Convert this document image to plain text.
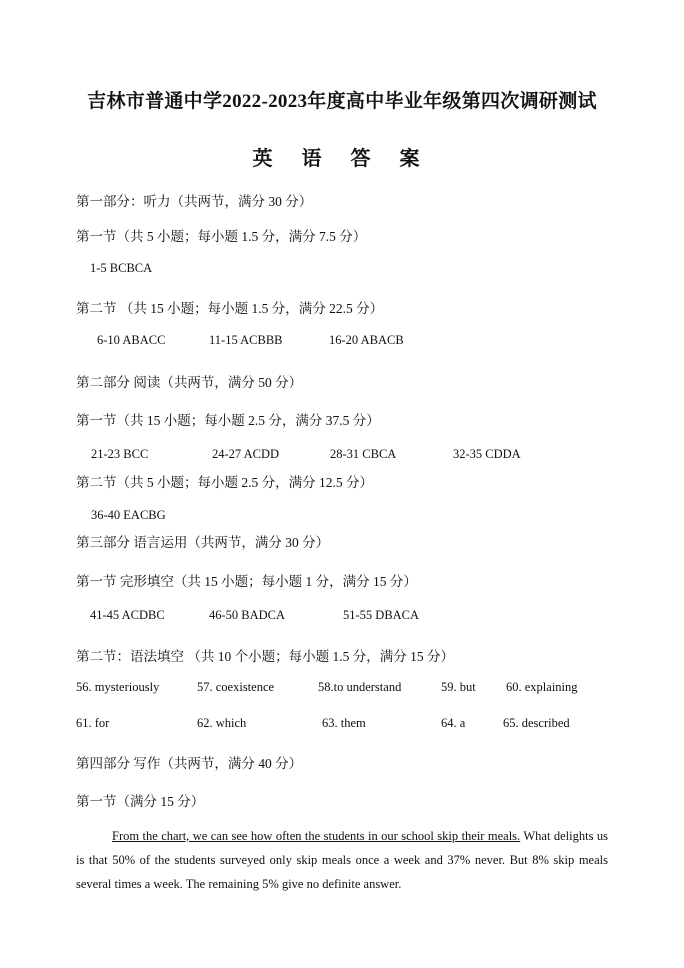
吉林市普通中学2022-2023年度高中毕业年级第四次调研测试
英 语 答 案
第一部分：听力（共两节，满分 30 分）
第一节（共 5 小题；每小题 1.5 分，满分 7.5 分）
1-5 BCBCA
第二节 （共 15 小题；每小题 1.5 分，满分 22.5 分）
6-10 ABACC	11-15 ACBBB	16-20 ABACB
第二部分 阅读（共两节，满分 50 分）
第一节（共 15 小题；每小题 2.5 分，满分 37.5 分）
21-23 BCC	24-27 ACDD	28-31 CBCA	32-35 CDDA
第二节（共 5 小题；每小题 2.5 分，满分 12.5 分）
36-40 EACBG
第三部分 语言运用（共两节，满分 30 分）
第一节 完形填空（共 15 小题；每小题 1 分，满分 15 分）
41-45 ACDBC	46-50 BADCA	51-55 DBACA
第二节：语法填空 （共 10 个小题；每小题 1.5 分，满分 15 分）
56. mysteriously	57. coexistence	58.to understand	59. but 60. explaining
61. for	62. which	63. them	64. a	65. described
第四部分 写作（共两节，满分 40 分）
第一节（满分 15 分）
From the chart, we can see how often the students in our school skip their meals. What delights us is that 50% of the students surveyed only skip meals once a week and 37% never. But 8% skip meals several times a week. The remaining 5% give no definite answer.
